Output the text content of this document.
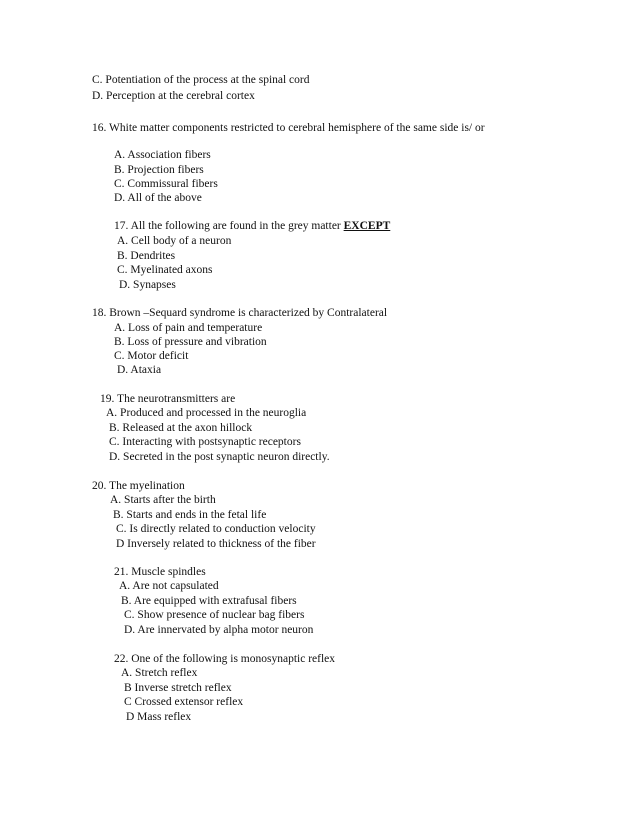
C. Potentiation of the process at the spinal cord
D. Perception at the cerebral cortex
16. White matter components restricted to cerebral hemisphere of the same side is/ or
A. Association fibers
B. Projection fibers
C. Commissural fibers
D. All of the above
17. All the following are found in the grey matter EXCEPT
A. Cell body of a neuron
B. Dendrites
C. Myelinated axons
D. Synapses
18. Brown –Sequard syndrome is characterized by Contralateral
A. Loss of pain and temperature
B. Loss of pressure and vibration
C. Motor deficit
D. Ataxia
19. The neurotransmitters are
A. Produced and processed in the neuroglia
B. Released at the axon hillock
C. Interacting with postsynaptic receptors
D. Secreted in the post synaptic neuron directly.
20. The myelination
A. Starts after the birth
B. Starts and ends in the fetal life
C. Is directly related to conduction velocity
D Inversely related to thickness of the fiber
21. Muscle spindles
A. Are not capsulated
B. Are equipped with extrafusal fibers
C. Show presence of nuclear bag fibers
D. Are innervated by alpha motor neuron
22. One of the following is monosynaptic reflex
A. Stretch reflex
B Inverse stretch reflex
C Crossed extensor reflex
D Mass reflex
